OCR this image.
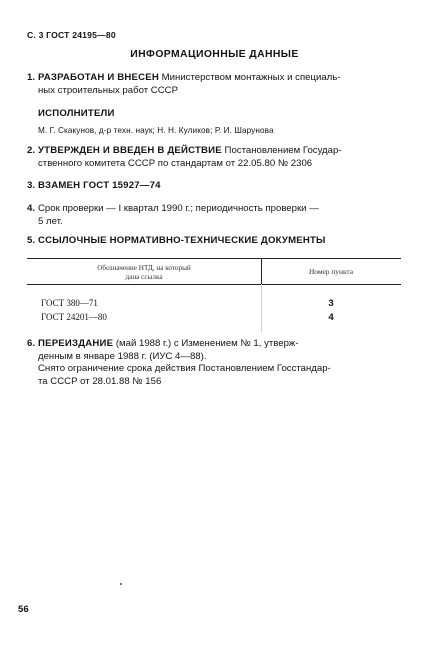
С. 3 ГОСТ 24195—80
ИНФОРМАЦИОННЫЕ ДАННЫЕ
1. РАЗРАБОТАН И ВНЕСЕН Министерством монтажных и специаль-
ных строительных работ СССР
ИСПОЛНИТЕЛИ
М. Г. Скакунов, д-р техн. наук; Н. Н. Куликов; Р. И. Шарунова
2. УТВЕРЖДЕН И ВВЕДЕН В ДЕЙСТВИЕ Постановлением Государ-
ственного комитета СССР по стандартам от 22.05.80 № 2306
3. ВЗАМЕН ГОСТ 15927—74
4. Срок проверки — I квартал 1990 г.; периодичность проверки —
5 лет.
5. ССЫЛОЧНЫЕ НОРМАТИВНО-ТЕХНИЧЕСКИЕ ДОКУМЕНТЫ
Обозначение НТД, на который
дана ссылка
Номер пункта
ГОСТ 380—71	3
ГОСТ 24201—80	4
6. ПЕРЕИЗДАНИЕ (май 1988 г.) с Изменением № 1, утверж-
денным в январе 1988 г. (ИУС 4—88).
Снято ограничение срока действия Постановлением Госстандар-
та СССР от 28.01.88 № 156
56
